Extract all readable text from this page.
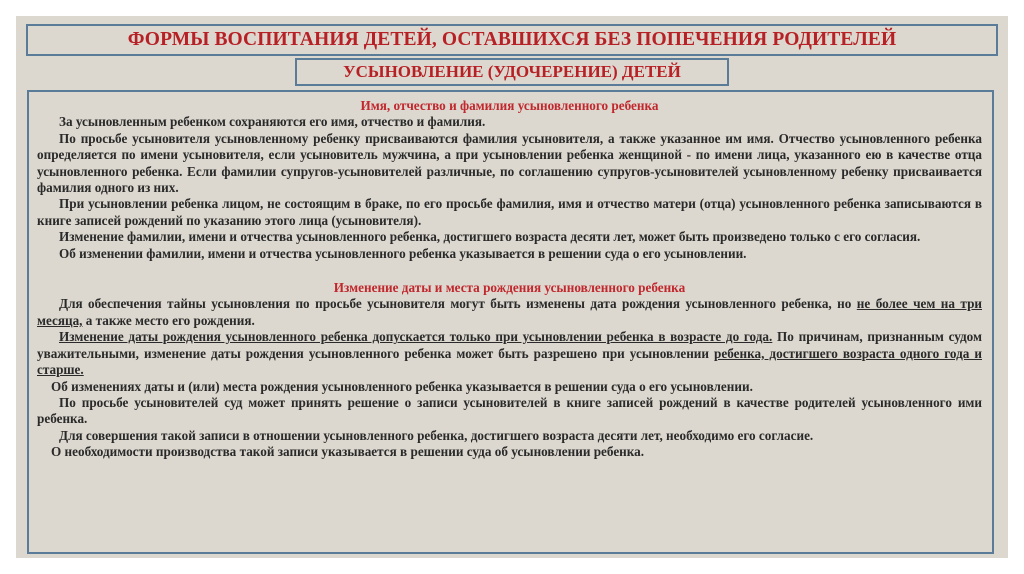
ФОРМЫ ВОСПИТАНИЯ ДЕТЕЙ, ОСТАВШИХСЯ БЕЗ ПОПЕЧЕНИЯ РОДИТЕЛЕЙ
УСЫНОВЛЕНИЕ (УДОЧЕРЕНИЕ) ДЕТЕЙ

Имя, отчество и фамилия усыновленного ребенка

За усыновленным ребенком сохраняются его имя, отчество и фамилия.

По просьбе усыновителя усыновленному ребенку присваиваются фамилия усыновителя, а также указанное им имя. Отчество усыновленного ребенка определяется по имени усыновителя, если усыновитель мужчина, а при усыновлении ребенка женщиной - по имени лица, указанного ею в качестве отца усыновленного ребенка. Если фамилии супругов-усыновителей различные, по соглашению супругов-усыновителей усыновленному ребенку присваивается фамилия одного из них.

При усыновлении ребенка лицом, не состоящим в браке, по его просьбе фамилия, имя и отчество матери (отца) усыновленного ребенка записываются в книге записей рождений по указанию этого лица (усыновителя).

Изменение фамилии, имени и отчества усыновленного ребенка, достигшего возраста десяти лет, может быть произведено только с его согласия.

Об изменении фамилии, имени и отчества усыновленного ребенка указывается в решении суда о его усыновлении.

Изменение даты и места рождения усыновленного ребенка

Для обеспечения тайны усыновления по просьбе усыновителя могут быть изменены дата рождения усыновленного ребенка, но не более чем на три месяца, а также место его рождения.

Изменение даты рождения усыновленного ребенка допускается только при усыновлении ребенка в возрасте до года. По причинам, признанным судом уважительными, изменение даты рождения усыновленного ребенка может быть разрешено при усыновлении ребенка, достигшего возраста одного года и старше.

Об изменениях даты и (или) места рождения усыновленного ребенка указывается в решении суда о его усыновлении.

По просьбе усыновителей суд может принять решение о записи усыновителей в книге записей рождений в качестве родителей усыновленного ими ребенка.

Для совершения такой записи в отношении усыновленного ребенка, достигшего возраста десяти лет, необходимо его согласие.

О необходимости производства такой записи указывается в решении суда об усыновлении ребенка.
